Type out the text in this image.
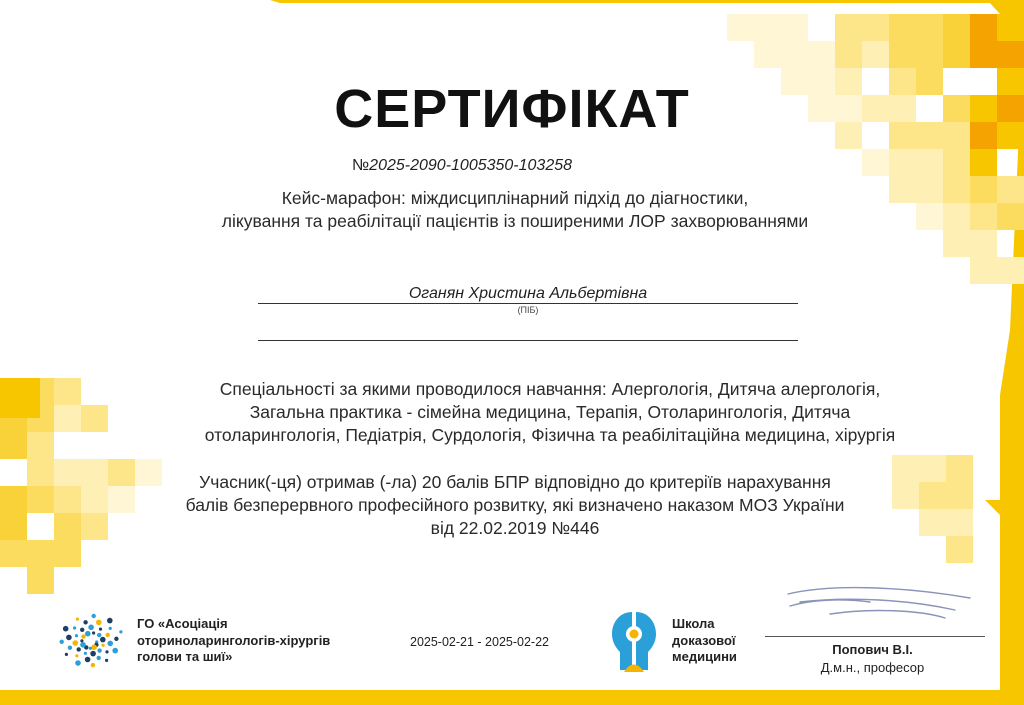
СЕРТИФІКАТ
№2025-2090-1005350-103258
Кейс-марафон: міждисциплінарний підхід до діагностики,
лікування та реабілітації пацієнтів із поширеними ЛОР захворюваннями
Оганян Христина Альбертівна
(ПІБ)
Спеціальності за якими проводилося навчання: Алергологія, Дитяча алергологія,
Загальна практика - сімейна медицина, Терапія, Отоларингологія, Дитяча
отоларингологія, Педіатрія, Сурдологія, Фізична та реабілітаційна медицина, хірургія
Учасник(-ця) отримав (-ла) 20 балів БПР відповідно до критеріїв нарахування
балів безперервного професійного розвитку, які визначено наказом МОЗ України
від 22.02.2019 №446
ГО «Асоціація
оториноларингологів-хірургів
голови та шиї»
2025-02-21 - 2025-02-22
Школа
доказової
медицини	Попович В.І.
Д.м.н., професор
